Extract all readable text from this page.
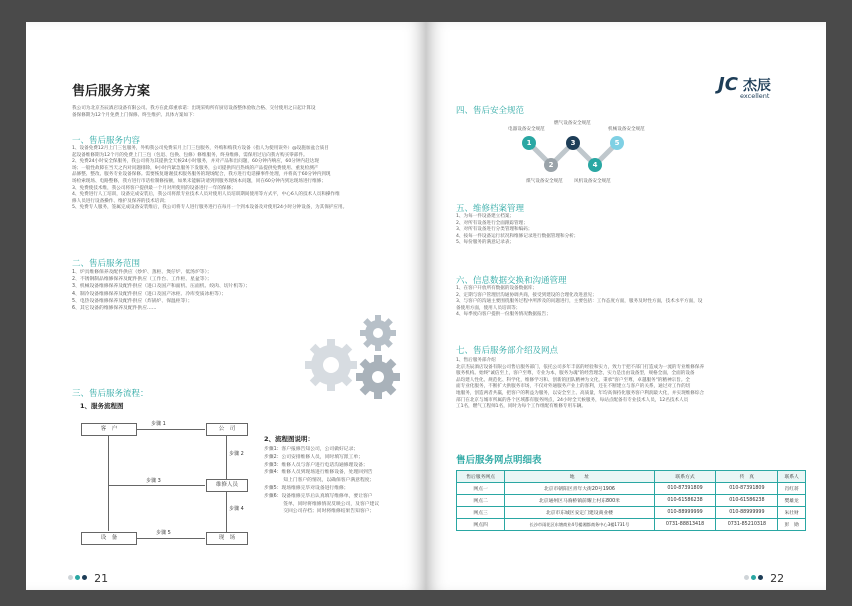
售后服务方案
我公司为北京杰辰酒店设备有限公司。我方在此郑重承诺：出现采购所有厨房设备整体验收合格、交付使用之日起计算设
备保修期为12个月免费上门保修、终生维护。具体方案如下：
一、售后服务内容
1、设备免费12月上门三包服务，外购我公司免费采月上门三包服务，外购和购我方设备（指人为使用误外）@设施加盆合质目
起设备维修期为12个月的免费上门三包（包退、包换、包修）修维服务，终身维修，需保用过后向我方购买零部件。
2、免费24小时安全保服务，我公司将为其提供全天候24小时服务，并对产品和出问题，60分钟内响应，60分钟内赶达现
场；一般性故障在当天之内对问题排除，9小时内紧急服务下发服务，公司提供四百热线的产品提供免费使用、重复检测产
品修整、整改、服务专业设备保修。需要恢复谢谢技术服务服务的现场配合，我方进行电话操事件处理，并将高于60分钟内到现
场检索现场、电路整修，我方进行市话检制修按额，如果未能解决请到到服务现场本问题，同在60分钟内到达现场进行维修；
3、免费使技术维，我公司将客户提供最一个月对所使用的设备进行一年的保修；
4、免费进行人工培训，设备完成安装后，我公司将派专业技术人员对使用人员培训期间使用等方式平，中心6人的技术人员和操作维
修人员进行设备操作、维护及保养的技术培训；
5、免费专人服务，签属完成设备安装维后，我公司将专人进行服务进行在每月一个到本设备及对使用24小时分钟设备，为其保护应用。
二、售后服务范围
1、炉具维修保养及配件供应（炒炉、蒸柜、煲仔炉、低汤炉等）；
2、不锈钢制品维修保养及配件供应（工作台、工作柜、星盆等）；
3、机械设备维修保养及配件供应（进口及国产和面机、压面机、绞肉、切片机等）；
4、制冷设备维修保养及配件供应（进口及国产冰柜、冷库变质冰柜等）；
5、电热设备维修保养及配件供应（炸锅炉、保温柜等）；
6、其它设备的维修保养及配件供应……
三、售后服务流程：
1、服务流程图
客　户	公　司
维修人员
现　场
设　备
步骤 1
步骤 2
步骤 3
步骤 4
步骤 5
2、流程图说明：
步骤1：客户报修告知公司，公司做好记录；
步骤2：公司安排维修人员，同时填写派工单；
步骤3：维修人员与客户进行电话沟通修理设备；
步骤4：维修人员到现场进行维修设备，处理回到告
　　　　知上门客户的情况，以确保客户满意程度；
步骤5：现场维修完毕对设备进行维修；
步骤6：设备维修完毕后认真填写维修单，要让客户
　　　　签单，同时将维修情况反映公司，及客户建议
　　　　交回公司存档；同时将维修结果告知客户；
21
JC 杰辰
excellent
四、售后安全规范
1
2
3
4
5
电器设备安全规范
煤气设备安全规范
燃气设备安全规范
风机设备安全规范
机械设备安全规范
五、维修档案管理
1、为每一件设备建立档案；
2、对所有设备进行全面跟踪管理；
3、对所有设备进行分类管理和编码；
4、按每一件设备运行状况和维修记录进行数据管理和分析；
5、每份服务的满意记录表；
六、信息数据交换和沟通管理
1、在客户开放所有数据的设备数据库；
2、定期与客户管理层沟通协调共商，接受到建设的合理化改进意见；
3、与客户的沟通主要围绕服务过程中所涉及的问题进行，主要包括：工作态度方面，服务及时性方面，技术水平方面，设
备使用方面，使用人员培训等；
4、每季度向客户提供一份服务情况数据报告；
七、售后服务部介绍及网点
1、售后服务部介绍
北京杰辰酒店设备有限公司售后服务部门，依托公司多年丰富的经验和实力，致力于把不部门打造成为一流的专业维修保养
服务机构。始终"诚信至上，客户至尊，专业为本，服务为魂"的经营理念，实力是出由设备型，规格全面，全面的设备
品均建人性化、规范化、科学化，维修学习和、创新的团队精神为文化，秉承"客户至尊，卓越服务"的精神宗旨。全
面专业化服务，不断扩大供服务市场，不仅对外通服务产业上的客利，还在不断建立与客户的关系，通过对工作的切
地服务，创造两者共赢，把客户的利益为服务，以安全至上、高质量，年均高保持化服务客户利润最大化，并实现维修综合
部门在北京与城市所属的各个区域都有服务网点，24小时全天候服务，每站点配备有专业技术人员，12名技术人员
工1名，燃气工程师1名，同时为每个工作组配有维修专用车辆。
售后服务网点明细表
售后服务网点	地　　址	联系方式	传　真	联系人
网点一	北京市朝阳区青年大街20号1906	010-87391809	010-87391809	肖红蒋
网点二	北京通州区马驹桥镇前耀上村东800米	010-61586238	010-61586238	樊雄龙
网点三	北京市东城区安定门建设商业楼	010-88999999	010-88999999	朱壮财
网点四	长沙市雨花区东塘商业4号楼湘都商务中心3楼1731号	0731-88813418	0731-85210318	彭　勋
22
